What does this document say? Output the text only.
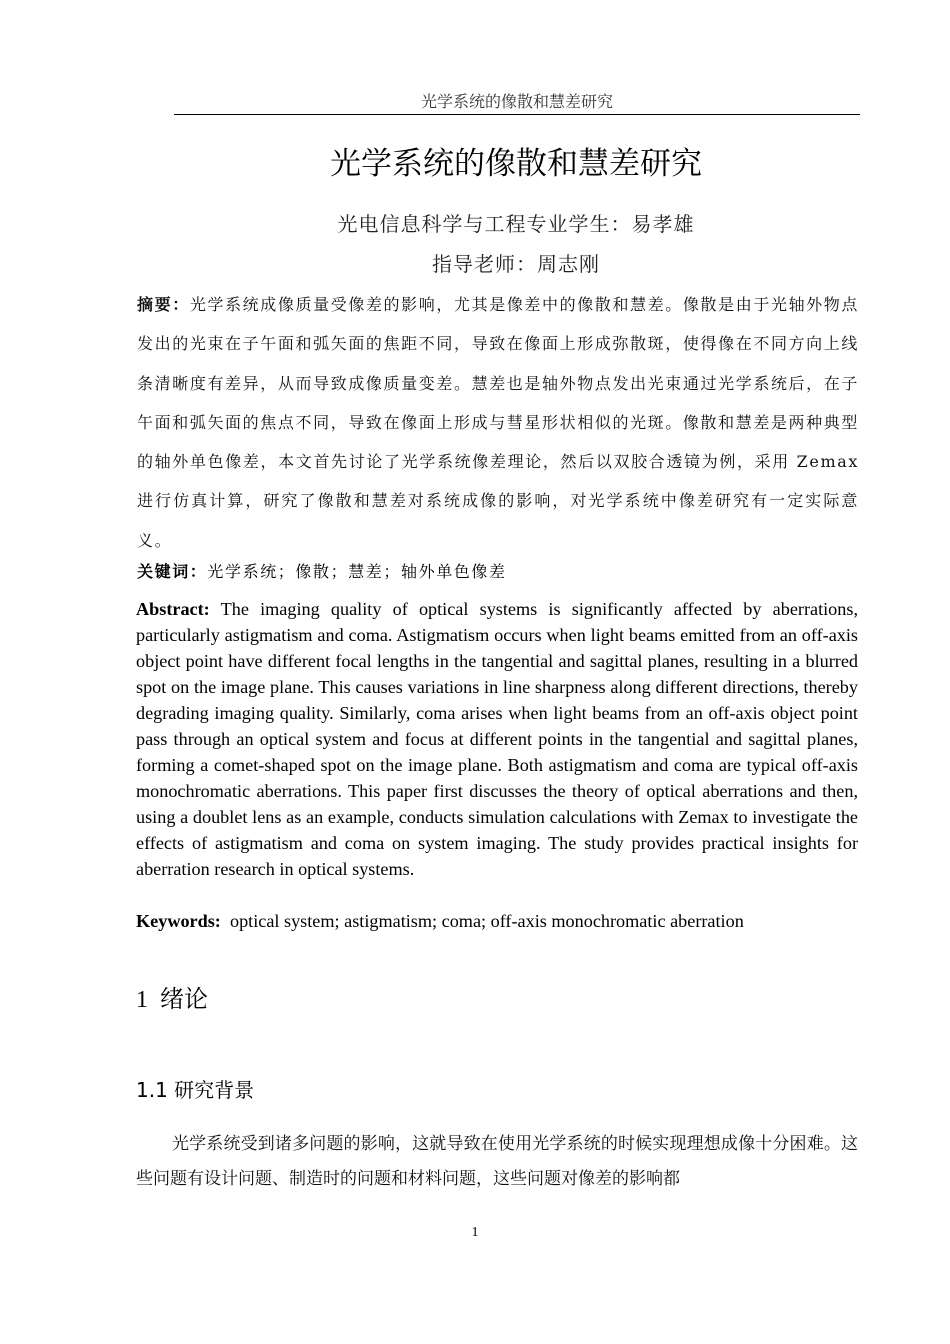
光学系统的像散和慧差研究
光学系统的像散和慧差研究
光电信息科学与工程专业学生：易孝雄
指导老师：周志刚
摘要：光学系统成像质量受像差的影响，尤其是像差中的像散和慧差。像散是由于光轴外物点发出的光束在子午面和弧矢面的焦距不同，导致在像面上形成弥散斑，使得像在不同方向上线条清晰度有差异，从而导致成像质量变差。慧差也是轴外物点发出光束通过光学系统后，在子午面和弧矢面的焦点不同，导致在像面上形成与彗星形状相似的光斑。像散和慧差是两种典型的轴外单色像差，本文首先讨论了光学系统像差理论，然后以双胶合透镜为例，采用 Zemax 进行仿真计算，研究了像散和慧差对系统成像的影响，对光学系统中像差研究有一定实际意义。
关键词：光学系统；像散；慧差；轴外单色像差
Abstract: The imaging quality of optical systems is significantly affected by aberrations, particularly astigmatism and coma. Astigmatism occurs when light beams emitted from an off-axis object point have different focal lengths in the tangential and sagittal planes, resulting in a blurred spot on the image plane. This causes variations in line sharpness along different directions, thereby degrading imaging quality. Similarly, coma arises when light beams from an off-axis object point pass through an optical system and focus at different points in the tangential and sagittal planes, forming a comet-shaped spot on the image plane. Both astigmatism and coma are typical off-axis monochromatic aberrations. This paper first discusses the theory of optical aberrations and then, using a doublet lens as an example, conducts simulation calculations with Zemax to investigate the effects of astigmatism and coma on system imaging. The study provides practical insights for aberration research in optical systems.
Keywords: optical system; astigmatism; coma; off-axis monochromatic aberration
1 绪论
1.1 研究背景
光学系统受到诸多问题的影响，这就导致在使用光学系统的时候实现理想成像十分困难。这些问题有设计问题、制造时的问题和材料问题，这些问题对像差的影响都
1
